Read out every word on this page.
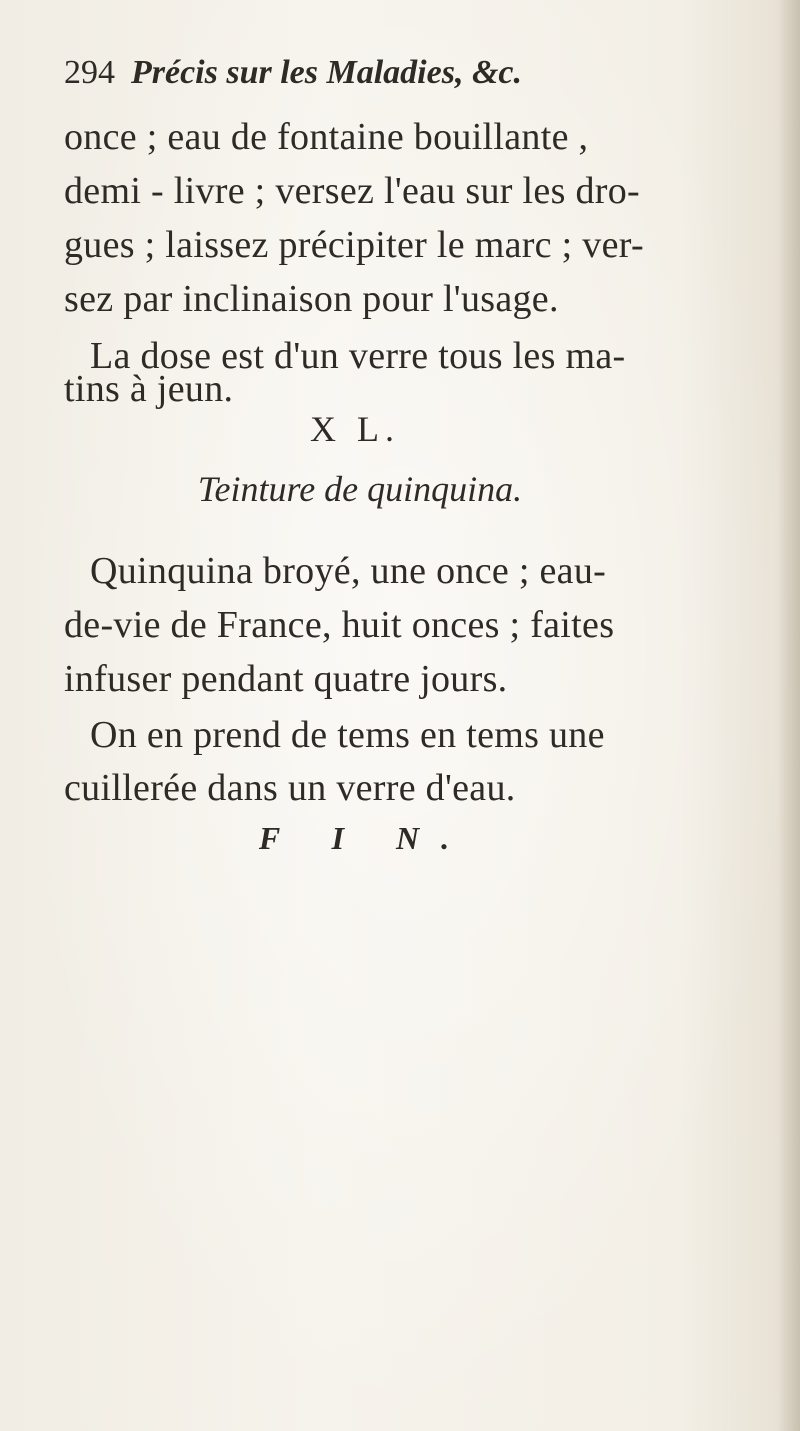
294 Précis sur les Maladies, &c.
once ; eau de fontaine bouillante ,
demi - livre ; versez l'eau sur les dro-
gues ; laissez précipiter le marc ; ver-
sez par inclinaison pour l'usage.
La dose est d'un verre tous les ma-
tins à jeun.
X L.
Teinture de quinquina.
Quinquina broyé, une once ; eau-
de-vie de France, huit onces ; faites
infuser pendant quatre jours.
On en prend de tems en tems une
cuillerée dans un verre d'eau.
F I N.
